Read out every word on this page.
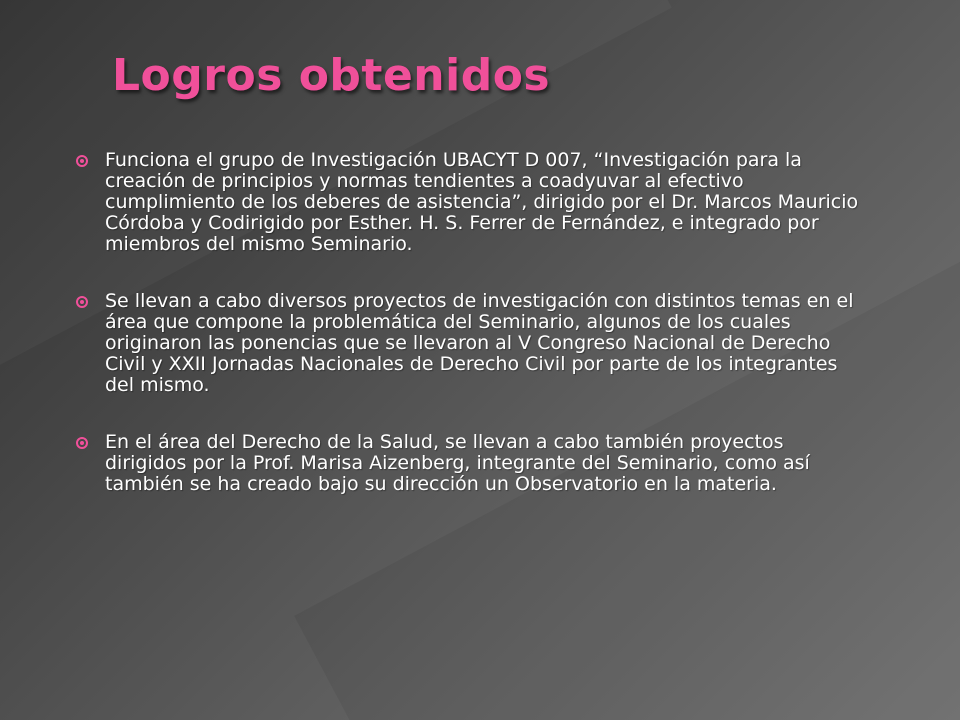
Logros obtenidos
Funciona el grupo de Investigación UBACYT D 007, “Investigación para la creación de principios y normas tendientes a coadyuvar al efectivo cumplimiento de los deberes de asistencia”, dirigido por el Dr. Marcos Mauricio Córdoba y Codirigido por Esther. H. S. Ferrer de Fernández, e integrado por miembros del mismo Seminario.
Se llevan a cabo diversos proyectos de investigación con distintos temas en el área que compone la problemática del Seminario, algunos de los cuales originaron las ponencias que se llevaron al V Congreso Nacional de Derecho Civil y XXII Jornadas Nacionales de Derecho Civil por parte de los integrantes del mismo.
En el área del Derecho de la Salud, se llevan a cabo también proyectos dirigidos por la Prof. Marisa Aizenberg, integrante del Seminario, como así también se ha creado bajo su dirección un Observatorio en la materia.
